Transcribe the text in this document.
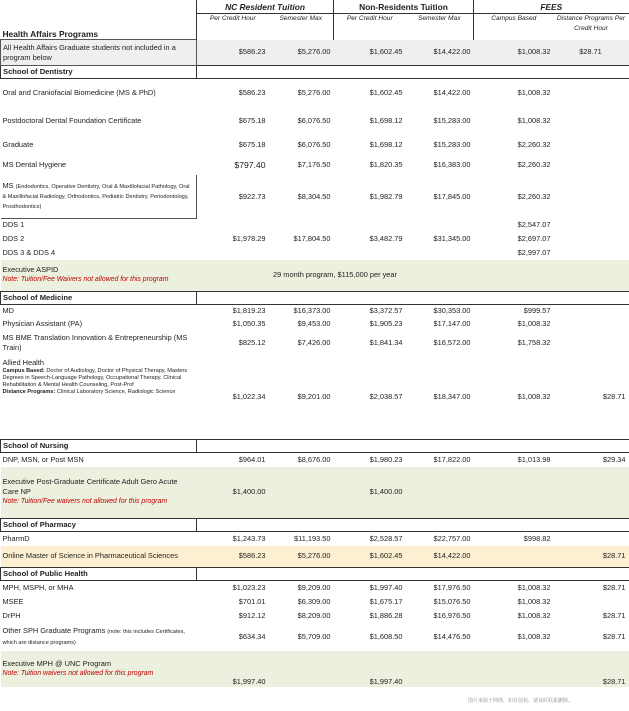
Health Affairs Programs	NC Resident Tuition		Non-Residents Tuition		FEES	
	Per Credit Hour	Semester Max	Per Credit Hour	Semester Max	Campus Based	Distance Programs Per Credit Hour
All Health Affairs Graduate students not included in a program below	$586.23	$5,276.00	$1,602.45	$14,422.00	$1,008.32	$28.71
School of Dentistry						
Oral and Craniofacial Biomedicine (MS & PhD)	$586.23	$5,276.00	$1,602.45	$14,422.00	$1,008.32	
Postdoctoral Dental Foundation Certificate	$675.18	$6,076.50	$1,698.12	$15,283.00	$1,008.32	
Graduate	$675.18	$6,076.50	$1,698.12	$15,283.00	$2,260.32	
MS Dental Hygiene	$797.40	$7,176.50	$1,820.35	$16,383.00	$2,260.32	
MS (Endodontics, Operative Dentistry, Oral & Maxillofacial Pathology, Oral & Maxillofacial Radiology, Orthodontics, Pediatric Dentistry, Periodontology, Prosthodontics)	$922.73	$8,304.50	$1,982.79	$17,845.00	$2,260.32	
DDS 1					$2,547.07	
DDS 2	$1,978.29	$17,804.50	$3,482.79	$31,345.00	$2,697.07	
DDS 3 & DDS 4					$2,997.07	

Executive ASPID
Note: Tuition/Fee Waivers not allowed for this program	29 month program, $115,000 per year					
School of Medicine						
MD	$1,819.23	$16,373.00	$3,372.57	$30,353.00	$999.57	
Physician Assistant (PA)	$1,050.35	$9,453.00	$1,905.23	$17,147.00	$1,008.32	
MS BME Translation Innovation & Entrepreneurship (MS Train)	$825.12	$7,426.00	$1,841.34	$16,572.00	$1,758.32	

Allied Health
Campus Based: Doctor of Audiology, Doctor of Physical Therapy, Masters Degrees in Speech-Language Pathology, Occupational Therapy, Clinical Rehabilitation & Mental Health Counseling, Post-Prof
Distance Programs: Clinical Laboratory Science, Radiologic Science	$1,022.34	$9,201.00	$2,038.57	$18,347.00	$1,008.32	$28.71
School of Nursing						
DNP, MSN, or Post MSN	$964.01	$8,676.00	$1,980.23	$17,822.00	$1,013.98	$29.34

Executive Post-Graduate Certificate Adult Gero Acute Care NP
Note: Tuition/Fee waivers not allowed for this program	$1,400.00		$1,400.00			
School of Pharmacy						
PharmD	$1,243.73	$11,193.50	$2,528.57	$22,757.00	$998.82	
Online Master of Science in Pharmaceutical Sciences	$586.23	$5,276.00	$1,602.45	$14,422.00		$28.71
School of Public Health						
MPH, MSPH, or MHA	$1,023.23	$9,209.00	$1,997.40	$17,976.50	$1,008.32	$28.71
MSEE	$701.01	$6,309.00	$1,675.17	$15,076.50	$1,008.32	
DrPH	$912.12	$8,209.00	$1,886.28	$16,976.50	$1,008.32	$28.71
Other SPH Graduate Programs (note: this includes Certificates, which are distance programs)	$634.34	$5,709.00	$1,608.50	$14,476.50	$1,008.32	$28.71

Executive MPH @ UNC Program
Note: Tuition waivers not allowed for this program	$1,997.40		$1,997.40			$28.71
图片来源于网络，如有侵权，请及时联系删除。
